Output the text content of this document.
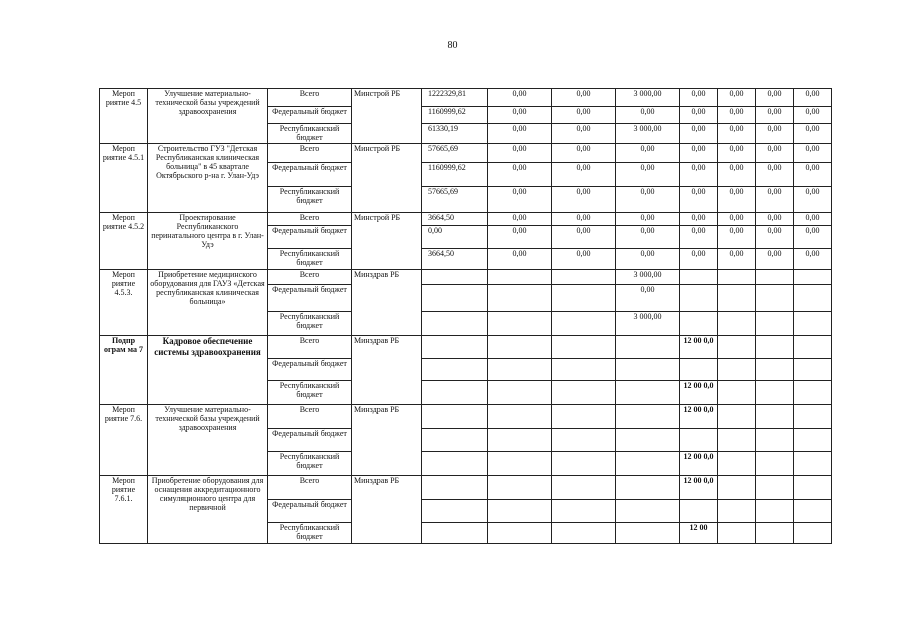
80
Мероп риятие 4.5	Улучшение материально-технической базы учреждений здравоохранения	Всего	Минстрой РБ	1222329,81	0,00	0,00	3 000,00	0,00	0,00	0,00	0,00
		Федеральный бюджет		1160999,62	0,00	0,00	0,00	0,00	0,00	0,00	0,00
		Республиканский бюджет		61330,19	0,00	0,00	3 000,00	0,00	0,00	0,00	0,00
Мероп риятие 4.5.1	Строительство ГУЗ "Детская Республиканская клиническая больница" в 45 квартале Октябрьского р-на г. Улан-Удэ	Всего	Минстрой РБ	57665,69	0,00	0,00	0,00	0,00	0,00	0,00	0,00
		Федеральный бюджет		1160999,62	0,00	0,00	0,00	0,00	0,00	0,00	0,00
		Республиканский бюджет		57665,69	0,00	0,00	0,00	0,00	0,00	0,00	0,00
Мероп риятие 4.5.2	Проектирование Республиканского перинатального центра в г. Улан-Удэ	Всего	Минстрой РБ	3664,50	0,00	0,00	0,00	0,00	0,00	0,00	0,00
		Федеральный бюджет		0,00	0,00	0,00	0,00	0,00	0,00	0,00	0,00
		Республиканский бюджет		3664,50	0,00	0,00	0,00	0,00	0,00	0,00	0,00
Мероп риятие 4.5.3.	Приобретение медицинского оборудования для ГАУЗ «Детская республиканская клиническая больница»	Всего	Минздрав РБ				3 000,00				
		Федеральный бюджет					0,00				
		Республиканский бюджет					3 000,00				
Подпр ограм ма 7	Кадровое обеспечение системы здравоохранения	Всего	Минздрав РБ					12 00 0,0			
		Федеральный бюджет									
		Республиканский бюджет						12 00 0,0			
Мероп риятие 7.6.	Улучшение материально-технической базы учреждений здравоохранения	Всего	Минздрав РБ					12 00 0,0			
		Федеральный бюджет									
		Республиканский бюджет						12 00 0,0			
Мероп риятие 7.6.1.	Приобретение оборудования для оснащения аккредитационного симуляционного центра для первичной	Всего	Минздрав РБ					12 00 0,0			
		Федеральный бюджет									
		Республиканский бюджет						12 00			
